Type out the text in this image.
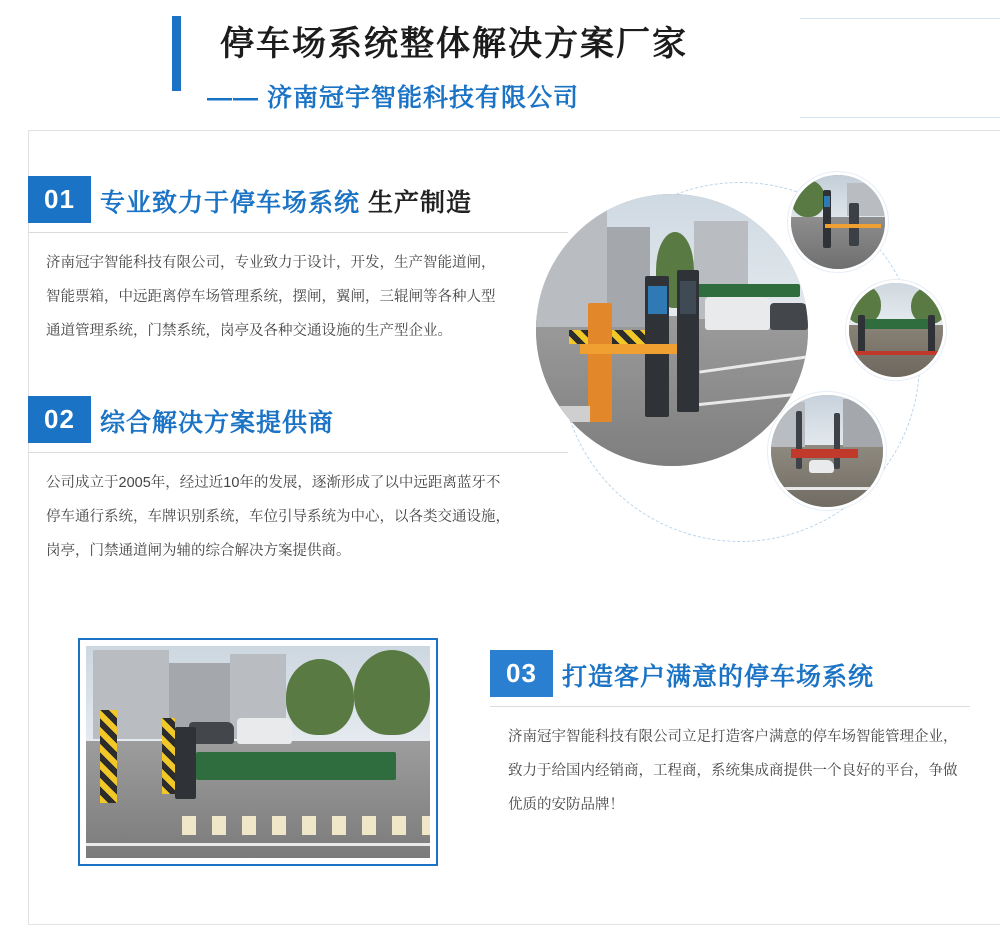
停车场系统整体解决方案厂家
—— 济南冠宇智能科技有限公司
01	专业致力于停车场系统 生产制造
济南冠宇智能科技有限公司，专业致力于设计，开发，生产智能道闸，
智能票箱，中远距离停车场管理系统，摆闸，翼闸，三辊闸等各种人型
通道管理系统，门禁系统，岗亭及各种交通设施的生产型企业。
02	综合解决方案提供商
公司成立于2005年，经过近10年的发展，逐渐形成了以中远距离蓝牙不
停车通行系统，车牌识别系统，车位引导系统为中心，以各类交通设施，
岗亭，门禁通道闸为辅的综合解决方案提供商。
03	打造客户满意的停车场系统
济南冠宇智能科技有限公司立足打造客户满意的停车场智能管理企业，
致力于给国内经销商，工程商，系统集成商提供一个良好的平台，争做
优质的安防品牌！
